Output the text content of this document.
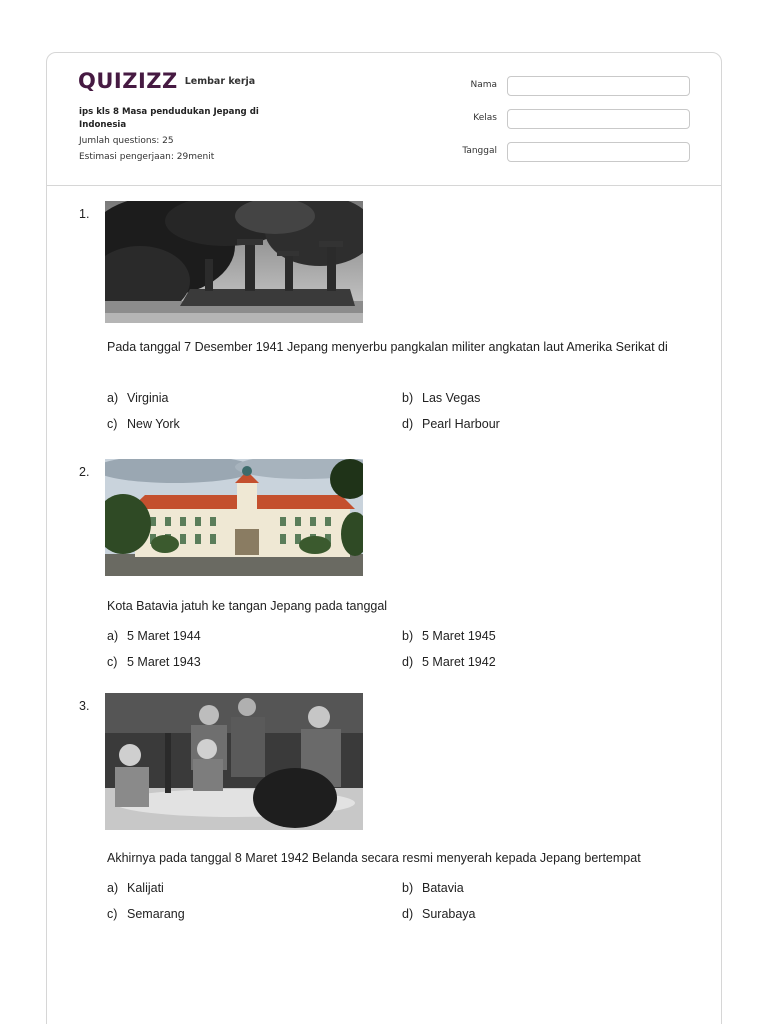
QUIZIZZ Lembar kerja
ips kls 8 Masa pendudukan Jepang di Indonesia
Jumlah questions: 25
Estimasi pengerjaan: 29menit
Nama
Kelas
Tanggal
1.
Pada tanggal 7 Desember 1941 Jepang menyerbu pangkalan militer angkatan laut Amerika Serikat di
a) Virginia	b) Las Vegas
c) New York	d) Pearl Harbour
2.
Kota Batavia jatuh ke tangan Jepang pada tanggal
a) 5 Maret 1944	b) 5 Maret 1945
c) 5 Maret 1943	d) 5 Maret 1942
3.
Akhirnya pada tanggal 8 Maret 1942 Belanda secara resmi menyerah kepada Jepang bertempat
a) Kalijati	b) Batavia
c) Semarang	d) Surabaya
